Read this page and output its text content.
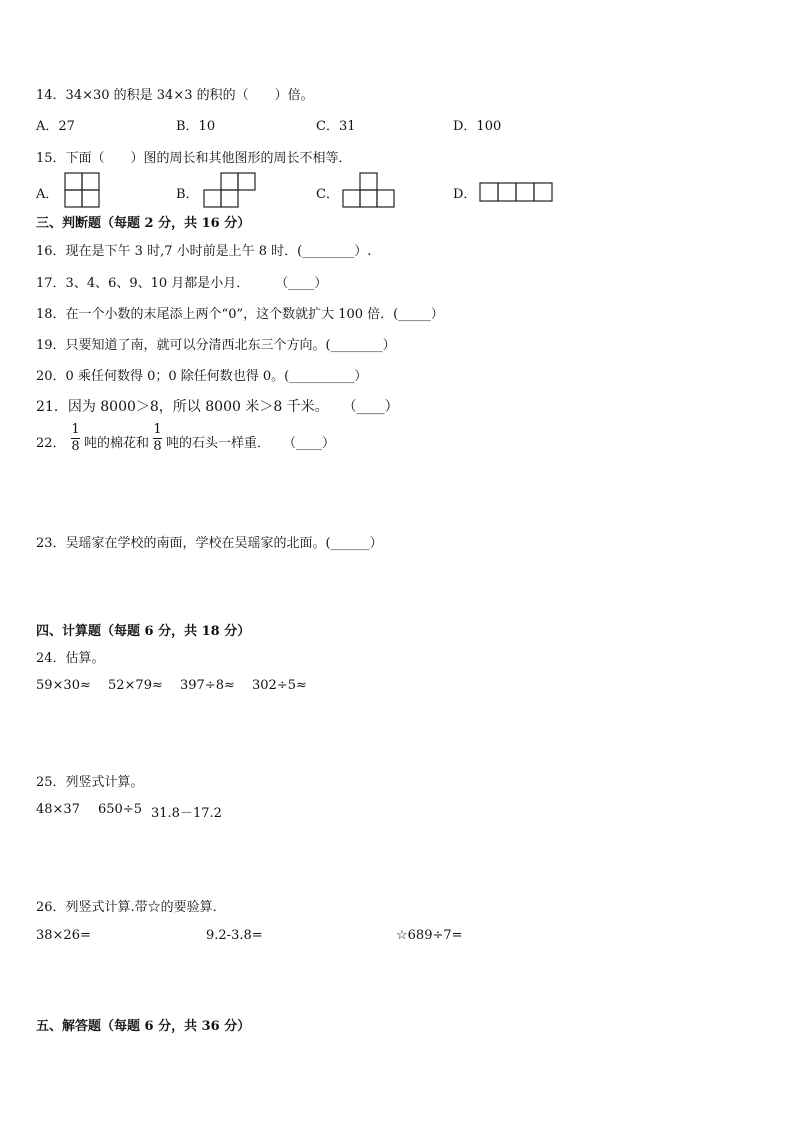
14．34×30 的积是 34×3 的积的（　　）倍。
A．27	B．10	C．31	D．100
15．下面（　　）图的周长和其他图形的周长不相等．
A．	B．	C．	D．
三、判断题（每题 2 分，共 16 分）
16．现在是下午 3 时,7 小时前是上午 8 时．(________）.
17．3、4、6、9、10 月都是小月．　　　（____）
18．在一个小数的末尾添上两个“0”，这个数就扩大 100 倍．(_____）
19．只要知道了南，就可以分清西北东三个方向。(________）
20．0 乘任何数得 0；0 除任何数也得 0。(__________）
21．因为 8000＞8，所以 8000 米＞8 千米。　　（____）
22．
1
8 吨的棉花和
1
8 吨的石头一样重．　　（____）
23．吴瑶家在学校的南面，学校在吴瑶家的北面。(______）
四、计算题（每题 6 分，共 18 分）
24．估算。
59×30≈ 52×79≈ 397÷8≈ 302÷5≈
25．列竖式计算。
48×37 650÷5 31.8－17.2
26．列竖式计算.带☆的要验算．
38×26=	9.2-3.8=	☆689÷7=
五、解答题（每题 6 分，共 36 分）
